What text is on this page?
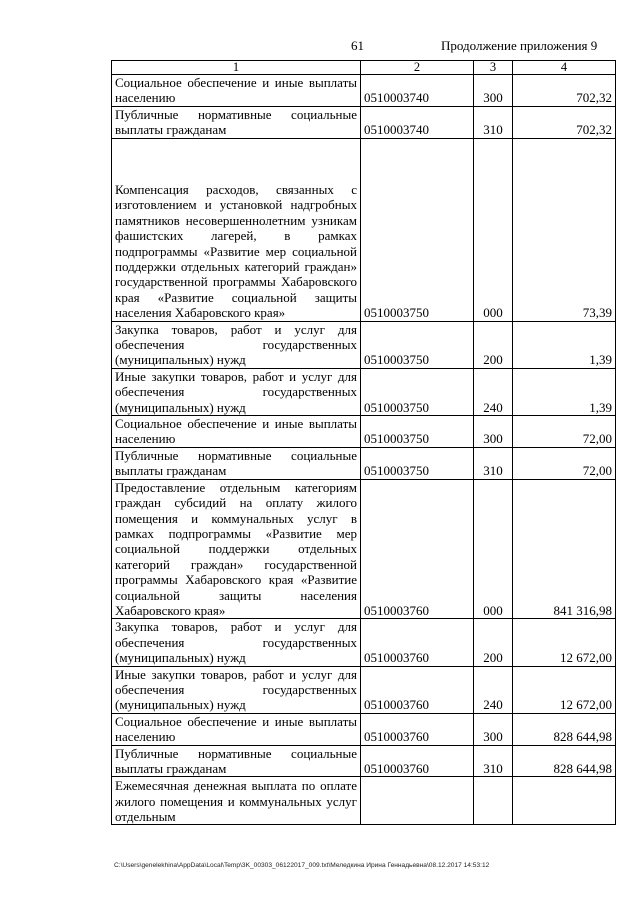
61	Продолжение приложения 9
1	2	3	4
Социальное обеспечение и иные выплаты населению	0510003740	300	702,32
Публичные нормативные социальные выплаты гражданам	0510003740	310	702,32
Компенсация расходов, связанных с изготовлением и установкой надгробных памятников несовершеннолетним узникам фашистских лагерей, в рамках подпрограммы «Развитие мер социальной поддержки отдельных категорий граждан» государственной программы Хабаровского края «Развитие социальной защиты населения Хабаровского края»	0510003750	000	73,39
Закупка товаров, работ и услуг для обеспечения государственных (муниципальных) нужд	0510003750	200	1,39
Иные закупки товаров, работ и услуг для обеспечения государственных (муниципальных) нужд	0510003750	240	1,39
Социальное обеспечение и иные выплаты населению	0510003750	300	72,00
Публичные нормативные социальные выплаты гражданам	0510003750	310	72,00
Предоставление отдельным категориям граждан субсидий на оплату жилого помещения и коммунальных услуг в рамках подпрограммы «Развитие мер социальной поддержки отдельных категорий граждан» государственной программы Хабаровского края «Развитие социальной защиты населения Хабаровского края»	0510003760	000	841 316,98
Закупка товаров, работ и услуг для обеспечения государственных (муниципальных) нужд	0510003760	200	12 672,00
Иные закупки товаров, работ и услуг для обеспечения государственных (муниципальных) нужд	0510003760	240	12 672,00
Социальное обеспечение и иные выплаты населению	0510003760	300	828 644,98
Публичные нормативные социальные выплаты гражданам	0510003760	310	828 644,98
Ежемесячная денежная выплата по оплате жилого помещения и коммунальных услуг отдельным			
C:\Users\genelekhina\AppData\Local\Temp\3K_00303_06122017_009.txt\Меледкина Ирина Геннадьевна\08.12.2017 14:53:12
